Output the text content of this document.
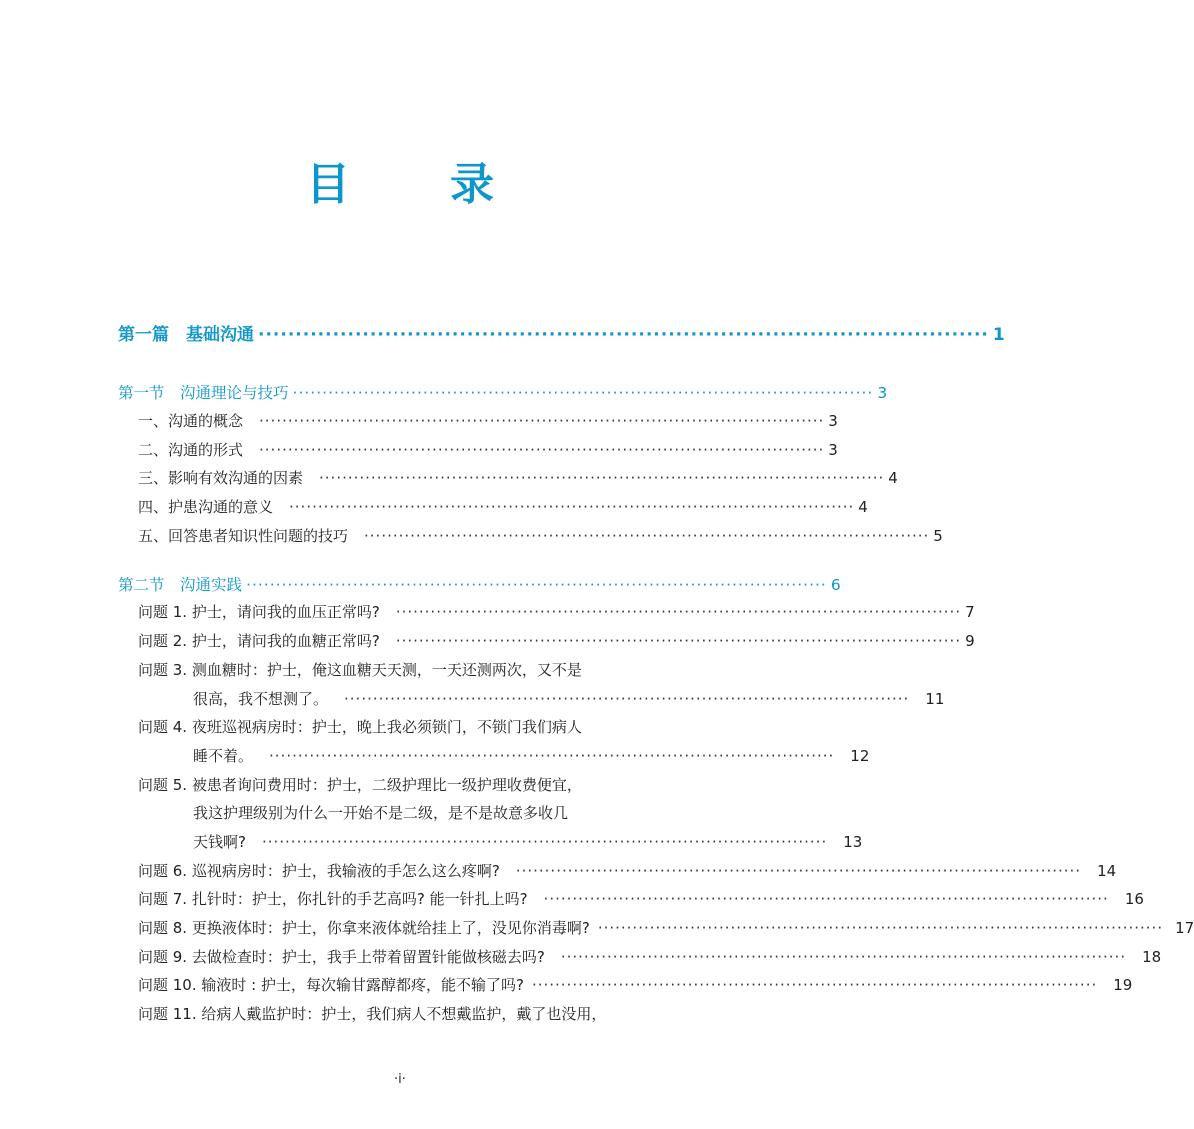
目　录
第一篇　基础沟通 ·································································································· 1
第一节　沟通理论与技巧 ·································································································· 3
一、沟通的概念 ·································································································· 3
二、沟通的形式 ·································································································· 3
三、影响有效沟通的因素 ·································································································· 4
四、护患沟通的意义 ·································································································· 4
五、回答患者知识性问题的技巧 ·································································································· 5
第二节　沟通实践 ·································································································· 6
问题 1. 护士，请问我的血压正常吗? ·································································································· 7
问题 2. 护士，请问我的血糖正常吗? ·································································································· 9
问题 3. 测血糖时：护士，俺这血糖天天测，一天还测两次，又不是
很高，我不想测了。 ·································································································· 11
问题 4. 夜班巡视病房时：护士，晚上我必须锁门，不锁门我们病人
睡不着。 ·································································································· 12
问题 5. 被患者询问费用时：护士，二级护理比一级护理收费便宜，
我这护理级别为什么一开始不是二级，是不是故意多收几
天钱啊? ·································································································· 13
问题 6. 巡视病房时：护士，我输液的手怎么这么疼啊? ·································································································· 14
问题 7. 扎针时：护士，你扎针的手艺高吗? 能一针扎上吗? ·································································································· 16
问题 8. 更换液体时：护士，你拿来液体就给挂上了，没见你消毒啊? ·································································································· 17
问题 9. 去做检查时：护士，我手上带着留置针能做核磁去吗? ·································································································· 18
问题 10. 输液时 : 护士，每次输甘露醇都疼，能不输了吗? ·································································································· 19
问题 11. 给病人戴监护时：护士，我们病人不想戴监护，戴了也没用，
·i·
